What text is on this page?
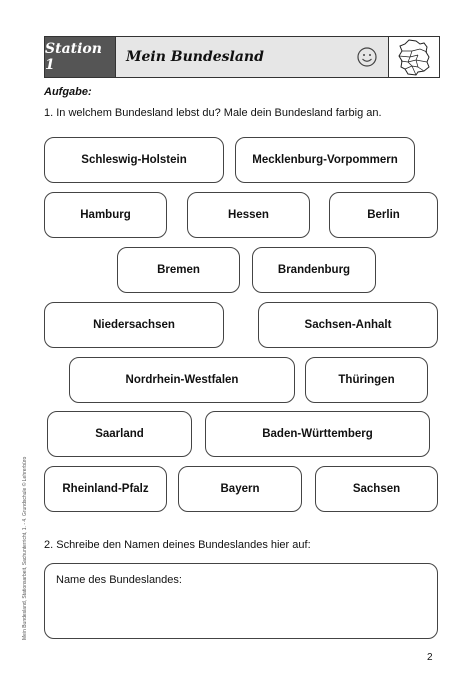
Station 1	Mein Bundesland
Aufgabe:
1. In welchem Bundesland lebst du? Male dein Bundesland farbig an.
Schleswig-Holstein	Mecklenburg-Vorpommern
Hamburg	Hessen	Berlin
Bremen	Brandenburg
Niedersachsen	Sachsen-Anhalt
Nordrhein-Westfalen	Thüringen
Saarland	Baden-Württemberg
Rheinland-Pfalz	Bayern	Sachsen
2. Schreibe den Namen deines Bundeslandes hier auf:
Name des Bundeslandes:
Mein Bundesland, Stationsarbeit, Sachunterricht, 1. - 4. Grundschule © Lehrerbüro
2
